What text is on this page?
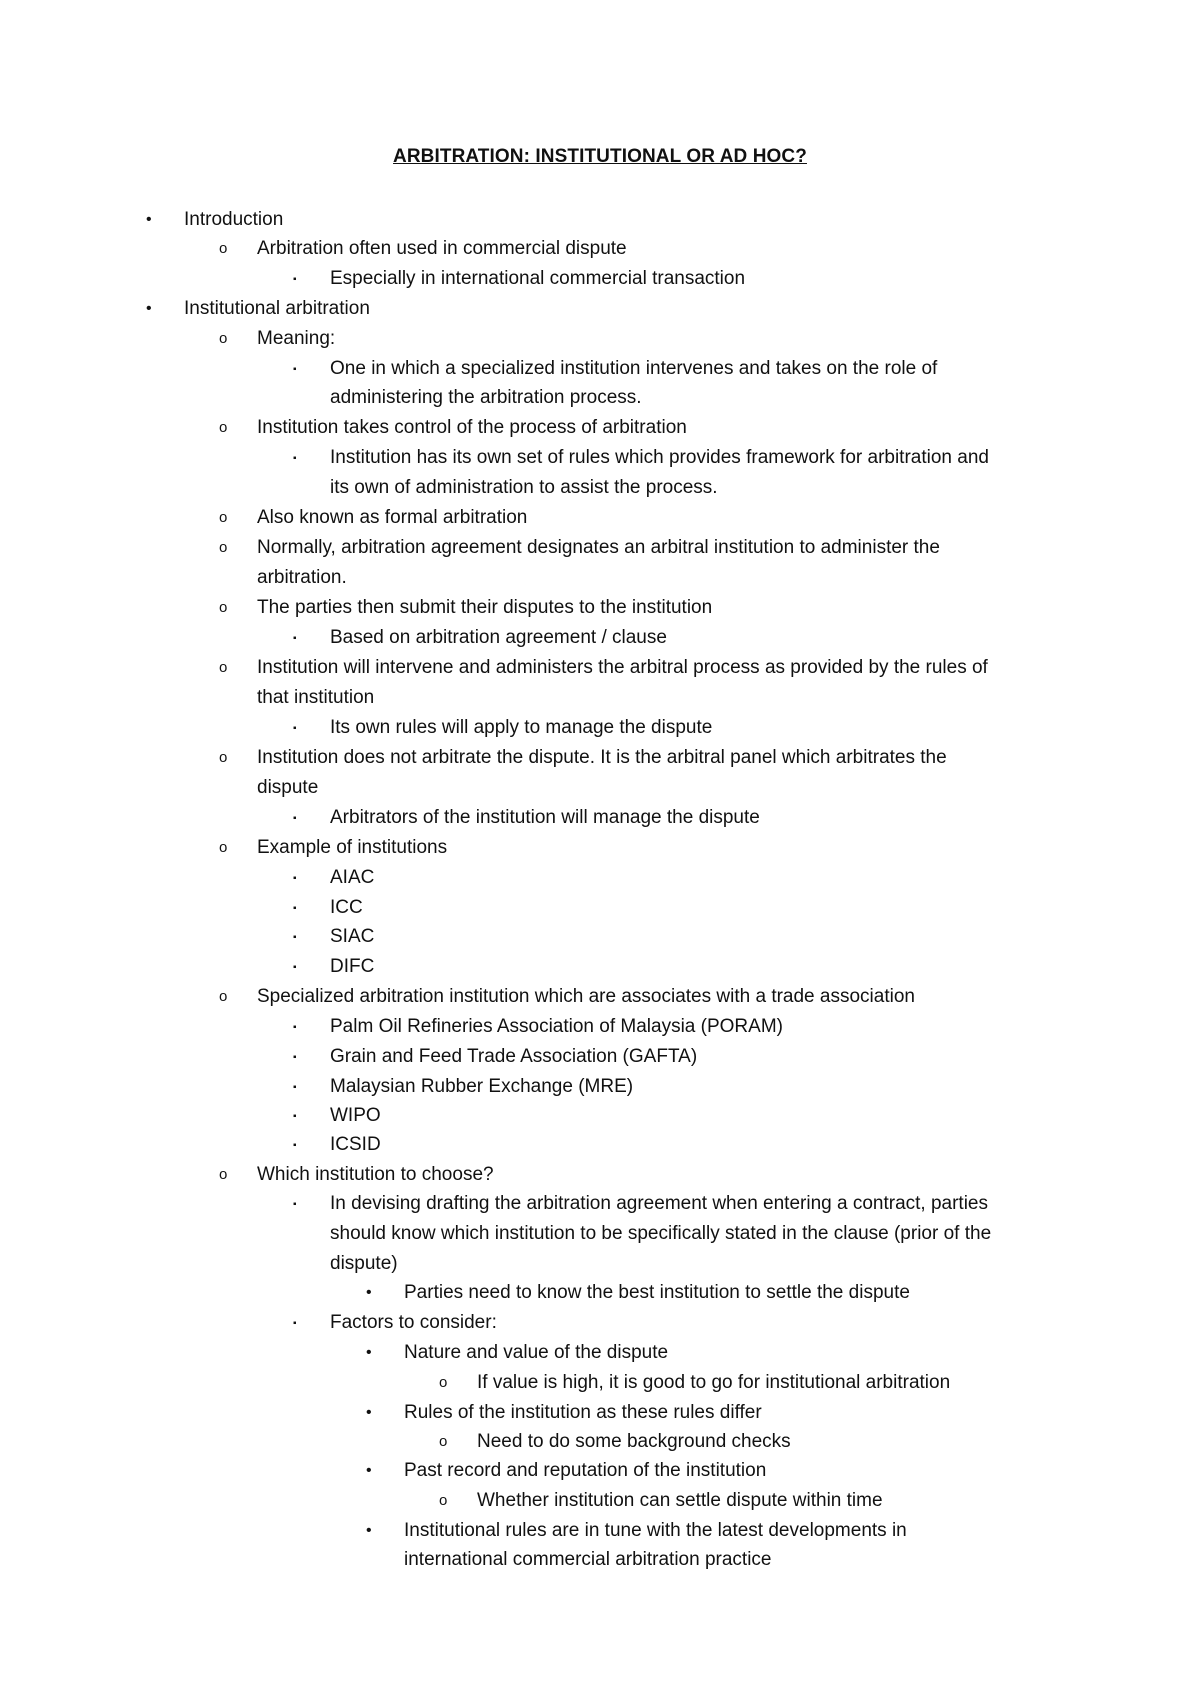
ARBITRATION: INSTITUTIONAL OR AD HOC?
• Introduction
o Arbitration often used in commercial dispute
▪ Especially in international commercial transaction
• Institutional arbitration
o Meaning:
▪ One in which a specialized institution intervenes and takes on the role of
administering the arbitration process.
o Institution takes control of the process of arbitration
▪ Institution has its own set of rules which provides framework for arbitration and
its own of administration to assist the process.
o Also known as formal arbitration
o Normally, arbitration agreement designates an arbitral institution to administer the
arbitration.
o The parties then submit their disputes to the institution
▪ Based on arbitration agreement / clause
o Institution will intervene and administers the arbitral process as provided by the rules of
that institution
▪ Its own rules will apply to manage the dispute
o Institution does not arbitrate the dispute. It is the arbitral panel which arbitrates the
dispute
▪ Arbitrators of the institution will manage the dispute
o Example of institutions
▪ AIAC
▪ ICC
▪ SIAC
▪ DIFC
o Specialized arbitration institution which are associates with a trade association
▪ Palm Oil Refineries Association of Malaysia (PORAM)
▪ Grain and Feed Trade Association (GAFTA)
▪ Malaysian Rubber Exchange (MRE)
▪ WIPO
▪ ICSID
o Which institution to choose?
▪ In devising drafting the arbitration agreement when entering a contract, parties
should know which institution to be specifically stated in the clause (prior of the
dispute)
• Parties need to know the best institution to settle the dispute
▪ Factors to consider:
• Nature and value of the dispute
o If value is high, it is good to go for institutional arbitration
• Rules of the institution as these rules differ
o Need to do some background checks
• Past record and reputation of the institution
o Whether institution can settle dispute within time
• Institutional rules are in tune with the latest developments in
international commercial arbitration practice
